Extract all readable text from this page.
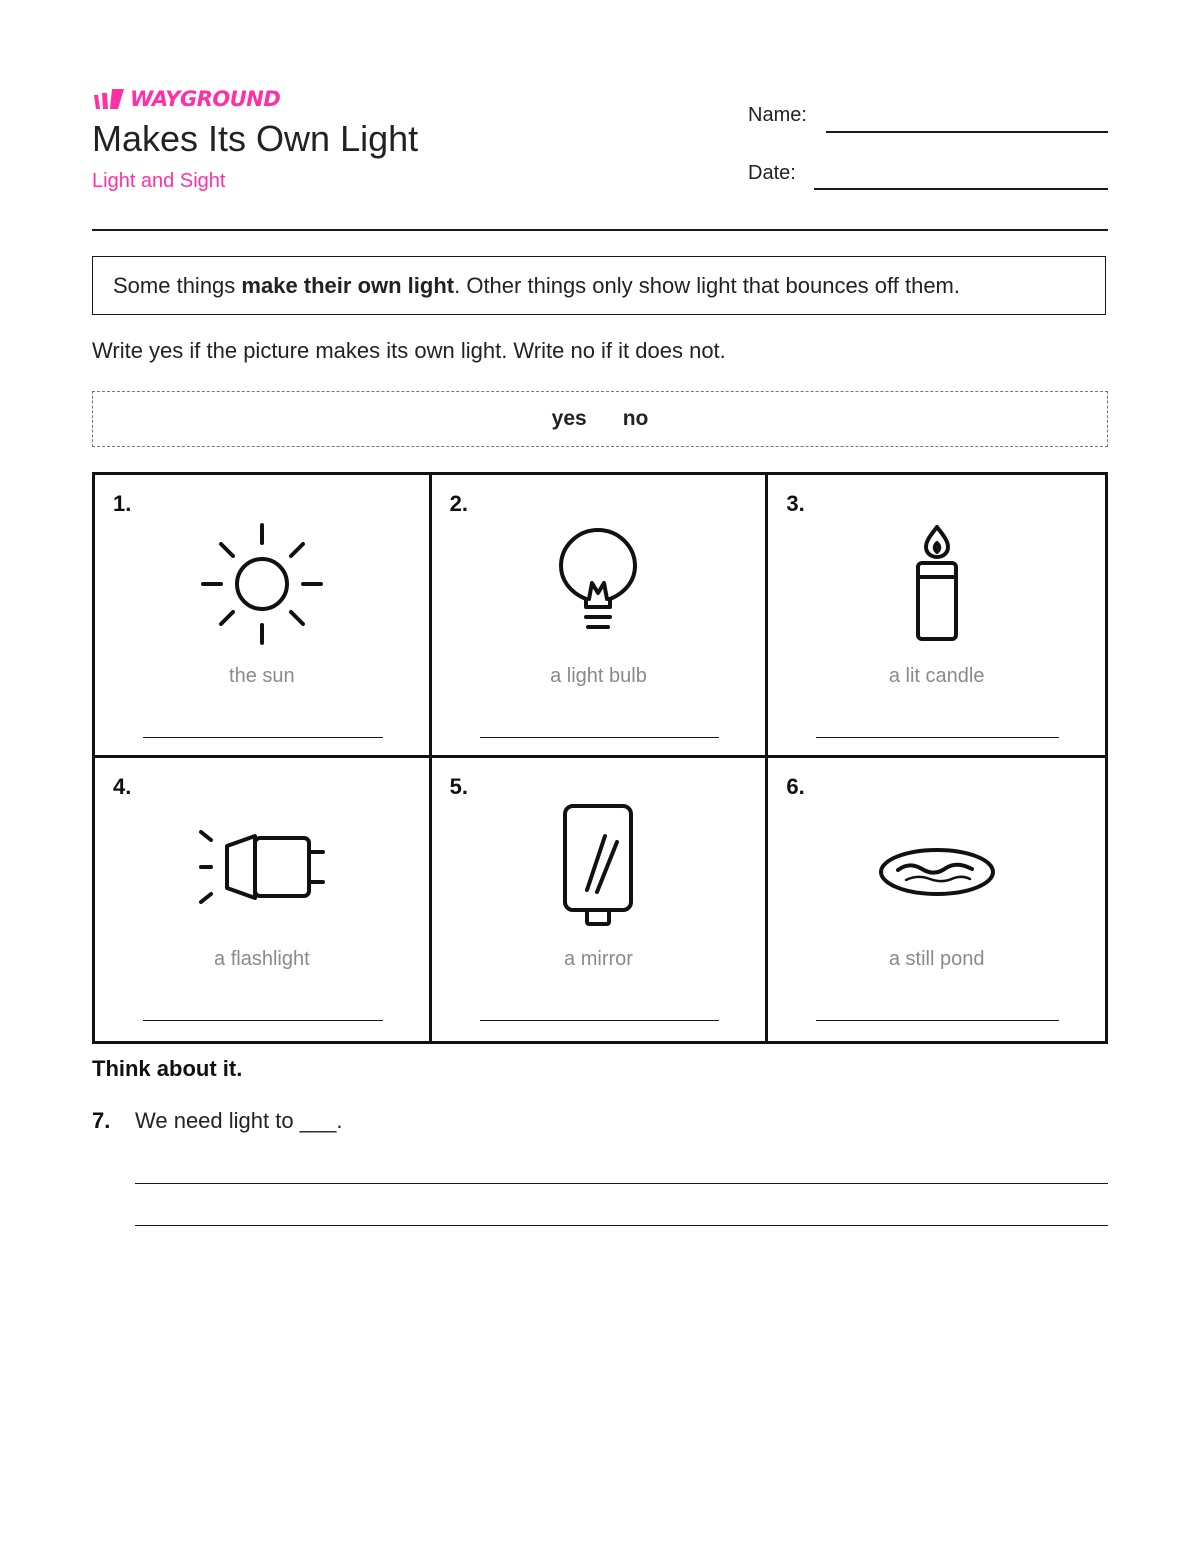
WAYGROUND
Makes Its Own Light
Light and Sight
Name:
Date:
Some things make their own light . Other things only show light that bounces off them.
Write yes if the picture makes its own light. Write no if it does not.
yes no
1.
the sun
2.
a light bulb
3.
a lit candle
4.
a flashlight
5.
a mirror
6.
a still pond
Think about it.
7. We need light to ___.
